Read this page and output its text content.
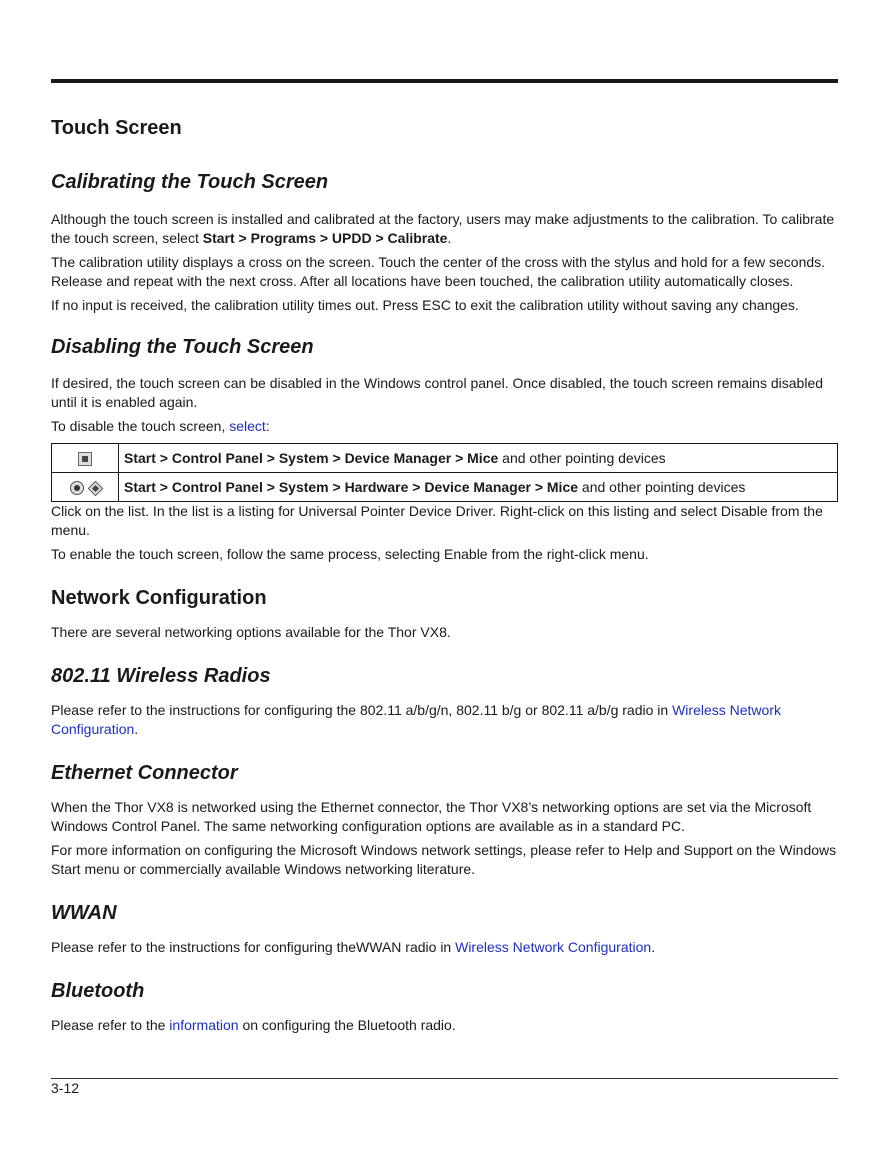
Touch Screen
Calibrating the Touch Screen

Although the touch screen is installed and calibrated at the factory, users may make adjustments to the calibration. To calibrate the touch screen, select Start > Programs > UPDD > Calibrate.

The calibration utility displays a cross on the screen. Touch the center of the cross with the stylus and hold for a few seconds. Release and repeat with the next cross. After all locations have been touched, the calibration utility automatically closes.

If no input is received, the calibration utility times out. Press ESC to exit the calibration utility without saving any changes.

Disabling the Touch Screen

If desired, the touch screen can be disabled in the Windows control panel. Once disabled, the touch screen remains disabled until it is enabled again.

To disable the touch screen, select:

	Start > Control Panel > System > Device Manager > Mice and other pointing devices
	Start > Control Panel > System > Hardware > Device Manager > Mice and other pointing devices

Click on the list. In the list is a listing for Universal Pointer Device Driver. Right-click on this listing and select Disable from the menu.

To enable the touch screen, follow the same process, selecting Enable from the right-click menu.

Network Configuration

There are several networking options available for the Thor VX8.

802.11 Wireless Radios

Please refer to the instructions for configuring the 802.11 a/b/g/n, 802.11 b/g or 802.11 a/b/g radio in Wireless Network Configuration.

Ethernet Connector

When the Thor VX8 is networked using the Ethernet connector, the Thor VX8’s networking options are set via the Microsoft Windows Control Panel. The same networking configuration options are available as in a standard PC.

For more information on configuring the Microsoft Windows network settings, please refer to Help and Support on the Windows Start menu or commercially available Windows networking literature.

WWAN

Please refer to the instructions for configuring theWWAN radio in Wireless Network Configuration.

Bluetooth

Please refer to the information on configuring the Bluetooth radio.

3-12
